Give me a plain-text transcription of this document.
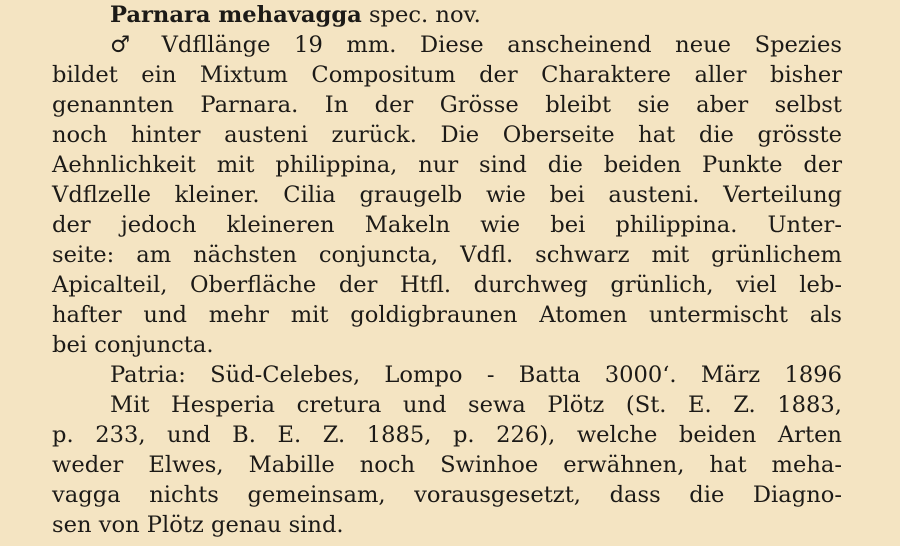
Parnara mehavagga spec. nov.
♂ Vdfllänge 19 mm. Diese anscheinend neue Spezies
bildet ein Mixtum Compositum der Charaktere aller bisher
genannten Parnara. In der Grösse bleibt sie aber selbst
noch hinter austeni zurück. Die Oberseite hat die grösste
Aehnlichkeit mit philippina, nur sind die beiden Punkte der
Vdflzelle kleiner. Cilia graugelb wie bei austeni. Verteilung
der jedoch kleineren Makeln wie bei philippina. Unter-
seite: am nächsten conjuncta, Vdfl. schwarz mit grünlichem
Apicalteil, Oberfläche der Htfl. durchweg grünlich, viel leb-
hafter und mehr mit goldigbraunen Atomen untermischt als
bei conjuncta.
Patria: Süd-Celebes, Lompo - Batta 3000‘. März 1896
Mit Hesperia cretura und sewa Plötz (St. E. Z. 1883,
p. 233, und B. E. Z. 1885, p. 226), welche beiden Arten
weder Elwes, Mabille noch Swinhoe erwähnen, hat meha-
vagga nichts gemeinsam, vorausgesetzt, dass die Diagno-
sen von Plötz genau sind.
